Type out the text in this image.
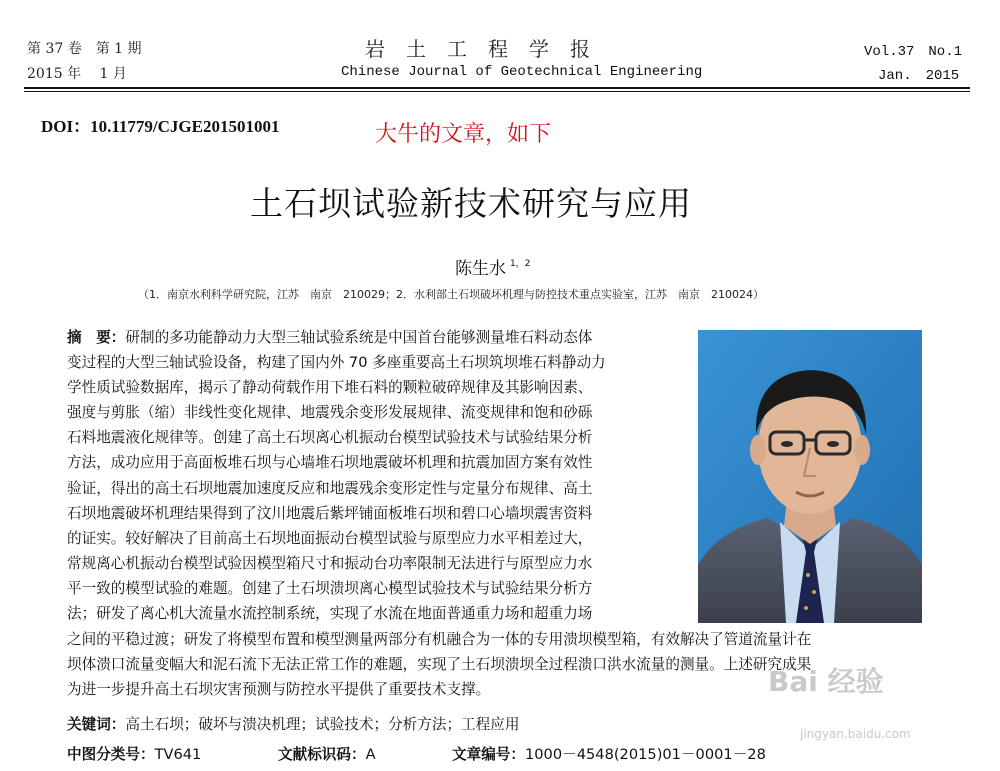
第 37 卷　第 1 期
2015 年　 1 月
岩土工程学报
Chinese Journal of Geotechnical Engineering
Vol.37　No.1
Jan.　2015
DOI：10.11779/CJGE201501001	大牛的文章，如下
土石坝试验新技术研究与应用
陈生水 $^{1,2}$
（1．南京水利科学研究院，江苏　南京　210029；2．水利部土石坝破坏机理与防控技术重点实验室，江苏　南京　210024）
摘　要：研制的多功能静动力大型三轴试验系统是中国首台能够测量堆石料动态体
变过程的大型三轴试验设备，构建了国内外 70 多座重要高土石坝筑坝堆石料静动力
学性质试验数据库，揭示了静动荷载作用下堆石料的颗粒破碎规律及其影响因素、
强度与剪胀（缩）非线性变化规律、地震残余变形发展规律、流变规律和饱和砂砾
石料地震液化规律等。创建了高土石坝离心机振动台模型试验技术与试验结果分析
方法，成功应用于高面板堆石坝与心墙堆石坝地震破坏机理和抗震加固方案有效性
验证，得出的高土石坝地震加速度反应和地震残余变形定性与定量分布规律、高土
石坝地震破坏机理结果得到了汶川地震后紫坪铺面板堆石坝和碧口心墙坝震害资料
的证实。较好解决了目前高土石坝地面振动台模型试验与原型应力水平相差过大，
常规离心机振动台模型试验因模型箱尺寸和振动台功率限制无法进行与原型应力水
平一致的模型试验的难题。创建了土石坝溃坝离心模型试验技术与试验结果分析方
法；研发了离心机大流量水流控制系统，实现了水流在地面普通重力场和超重力场
之间的平稳过渡；研发了将模型布置和模型测量两部分有机融合为一体的专用溃坝模型箱，有效解决了管道流量计在
坝体溃口流量变幅大和泥石流下无法正常工作的难题，实现了土石坝溃坝全过程溃口洪水流量的测量。上述研究成果
为进一步提升高土石坝灾害预测与防控水平提供了重要技术支撑。
关键词：高土石坝；破坏与溃决机理；试验技术；分析方法；工程应用
中图分类号：TV641	文献标识码：A	文章编号：1000－4548(2015)01－0001－28
Bai 经验
jingyan.baidu.com
